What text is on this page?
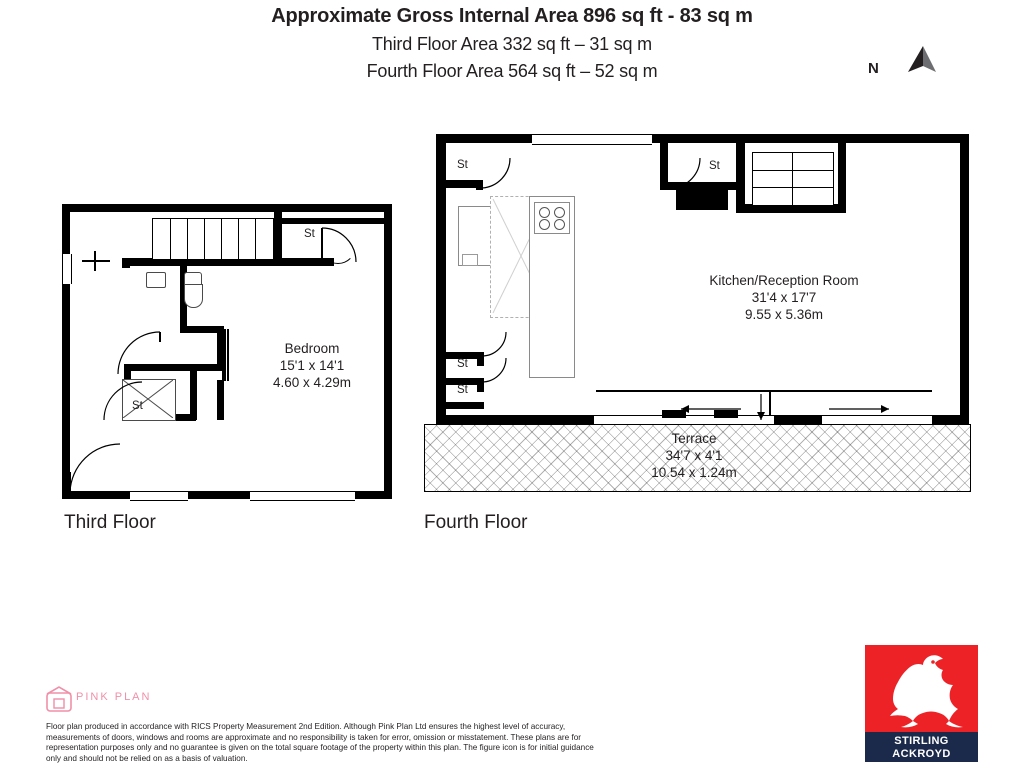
Approximate Gross Internal Area 896 sq ft - 83 sq m
Third Floor Area 332 sq ft – 31 sq m
Fourth Floor Area 564 sq ft – 52 sq m	N
St
St
Bedroom
15'1 x 14'1
4.60 x 4.29m
Third Floor
St	St
St
St
Kitchen/Reception Room
31'4 x 17'7
9.55 x 5.36m
Terrace
34'7 x 4'1
10.54 x 1.24m
Fourth Floor
PINK PLAN
Floor plan produced in accordance with RICS Property Measurement 2nd Edition. Although Pink Plan Ltd ensures the highest level of accuracy, measurements of doors, windows and rooms are approximate and no responsibility is taken for error, omission or misstatement. These plans are for representation purposes only and no guarantee is given on the total square footage of the property within this plan. The figure icon is for initial guidance only and should not be relied on as a basis of valuation.
STIRLING
ACKROYD
